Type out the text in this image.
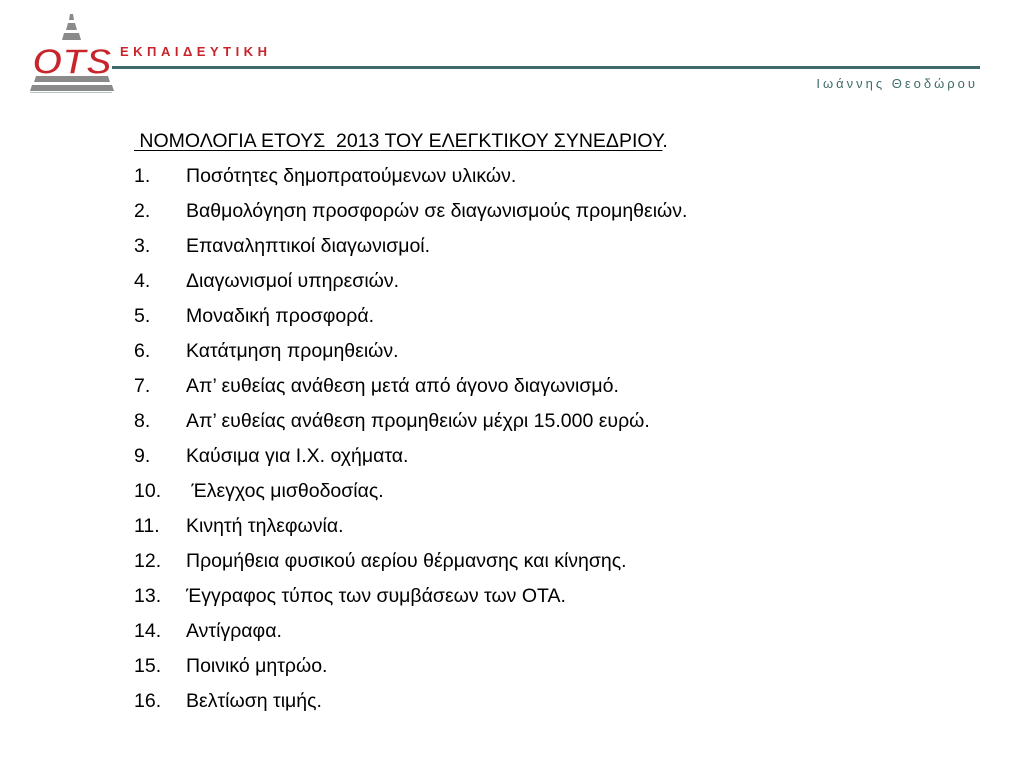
OTS ΕΚΠΑΙΔΕΥΤΙΚΗ
Ιωάννης Θεοδώρου
ΝΟΜΟΛΟΓΙΑ ΕΤΟΥΣ  2013 ΤΟΥ ΕΛΕΓΚΤΙΚΟΥ ΣΥΝΕΔΡΙΟΥ.
1.	Ποσότητες δημοπρατούμενων υλικών.
2.	Βαθμολόγηση προσφορών σε διαγωνισμούς προμηθειών.
3.	Επαναληπτικοί διαγωνισμοί.
4.	Διαγωνισμοί υπηρεσιών.
5.	Μοναδική προσφορά.
6.	Κατάτμηση προμηθειών.
7.	Απ’ ευθείας ανάθεση μετά από άγονο διαγωνισμό.
8.	Απ’ ευθείας ανάθεση προμηθειών μέχρι 15.000 ευρώ.
9.	Καύσιμα για Ι.Χ. οχήματα.
10.	Έλεγχος μισθοδοσίας.
11.	Κινητή τηλεφωνία.
12.	Προμήθεια φυσικού αερίου θέρμανσης και κίνησης.
13.	Έγγραφος τύπος των συμβάσεων των ΟΤΑ.
14.	Αντίγραφα.
15.	Ποινικό μητρώο.
16.	Βελτίωση τιμής.
